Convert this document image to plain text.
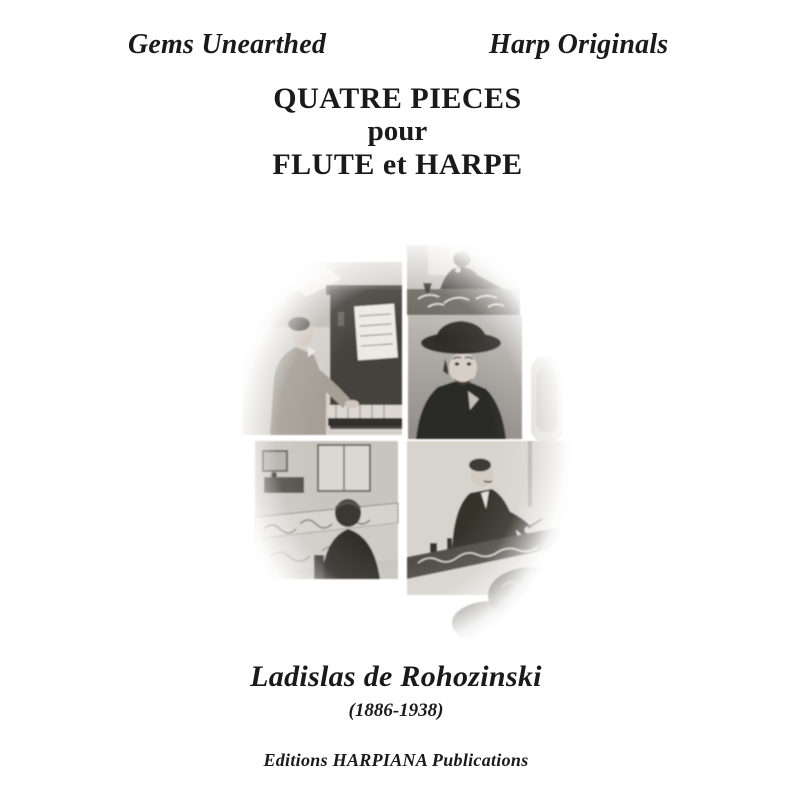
Gems Unearthed	Harp Originals
QUATRE PIECES
pour
FLUTE et HARPE
Ladislas de Rohozinski
(1886-1938)
Editions HARPIANA Publications
